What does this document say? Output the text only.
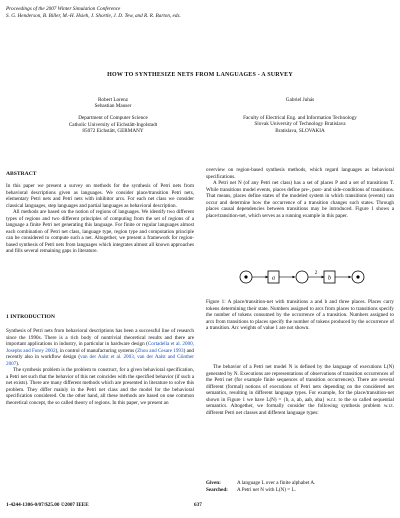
Proceedings of the 2007 Winter Simulation Conference
S. G. Henderson, B. Biller, M.-H. Hsieh, J. Shortle, J. D. Tew, and R. R. Barton, eds.
HOW TO SYNTHESIZE NETS FROM LANGUAGES - A SURVEY
Robert Lorenz
Sebastian Mauser
Department of Computer Science
Catholic University of Eichstätt-Ingolstadt
85072 Eichstätt, GERMANY
Gabriel Juhás
Faculty of Electrical Eng. and Information Technology
Slovak University of Technology Bratislava
Bratislava, SLOVAKIA
ABSTRACT

In this paper we present a survey on methods for the synthesis of Petri nets from behavioral descriptions given as languages. We consider place/transition Petri nets, elementary Petri nets and Petri nets with inhibitor arcs. For each net class we consider classical languages, step languages and partial languages as behavioral description.

All methods are based on the notion of regions of languages. We identify two different types of regions and two different principles of computing from the set of regions of a language a finite Petri net generating this language. For finite or regular languages almost each combination of Petri net class, language type, region type and computation principle can be considered to compute such a net. Altogether, we present a framework for region-based synthesis of Petri nets from languages which integrates almost all known approaches and fills several remaining gaps in literature.

1 INTRODUCTION

Synthesis of Petri nets from behavioral descriptions has been a successful line of research since the 1990s. There is a rich body of nontrivial theoretical results and there are important applications in industry, in particular in hardware design (Cortadella et al. 2000, Josephs and Furey 2002), in control of manufacturing systems (Zhou and Cesare 1993) and recently also in workflow design (van der Aalst et al. 2003, van der Aalst and Günther 2007).

The synthesis problem is the problem to construct, for a given behavioral specification, a Petri net such that the behavior of this net coincides with the specified behavior (if such a net exists). There are many different methods which are presented in literature to solve this problem. They differ mainly in the Petri net class and the model for the behavioral specification considered. On the other hand, all these methods are based on one common theoretical concept, the so called theory of regions. In this paper, we present an

overview on region-based synthesis methods, which regard languages as behavioral specifications.

A Petri net N (of any Petri net class) has a set of places P and a set of transitions T. While transitions model events, places define pre-, post- and side-conditions of transitions. That means, places define states of the modeled system in which transitions (events) can occur and determine how the occurrence of a transition changes such states. Through places causal dependencies between transitions may be introduced. Figure 1 shows a place/transition-net, which serves as a running example in this paper.

a
2
b

Figure 1: A place/transition-net with transitions a and b and three places. Places carry tokens determining their state. Numbers assigned to arcs from places to transitions specify the number of tokens consumed by the occurrence of a transition. Numbers assigned to arcs from transitions to places specify the number of tokens produced by the occurrence of a transition. Arc weights of value 1 are not shown.

The behavior of a Petri net model N is defined by the language of executions L(N) generated by N. Executions are representations of observations of transition occurrences of the Petri net (for example finite sequences of transition occurrences). There are several different (formal) notions of executions of Petri nets depending on the considered net semantics, resulting in different language types. For example, for the place/transition-net shown in Figure 1 we have L(N) = {b, a, ab, aab, aba} w.r.t. to the so called sequential semantics. Altogether, we formally consider the following synthesis problem w.r.t. different Petri net classes and different language types:

Given:	A language L over a finite alphabet A.
Searched:	A Petri net N with L(N) = L.
1-4244-1306-0/07/$25.00 ©2007 IEEE	637
